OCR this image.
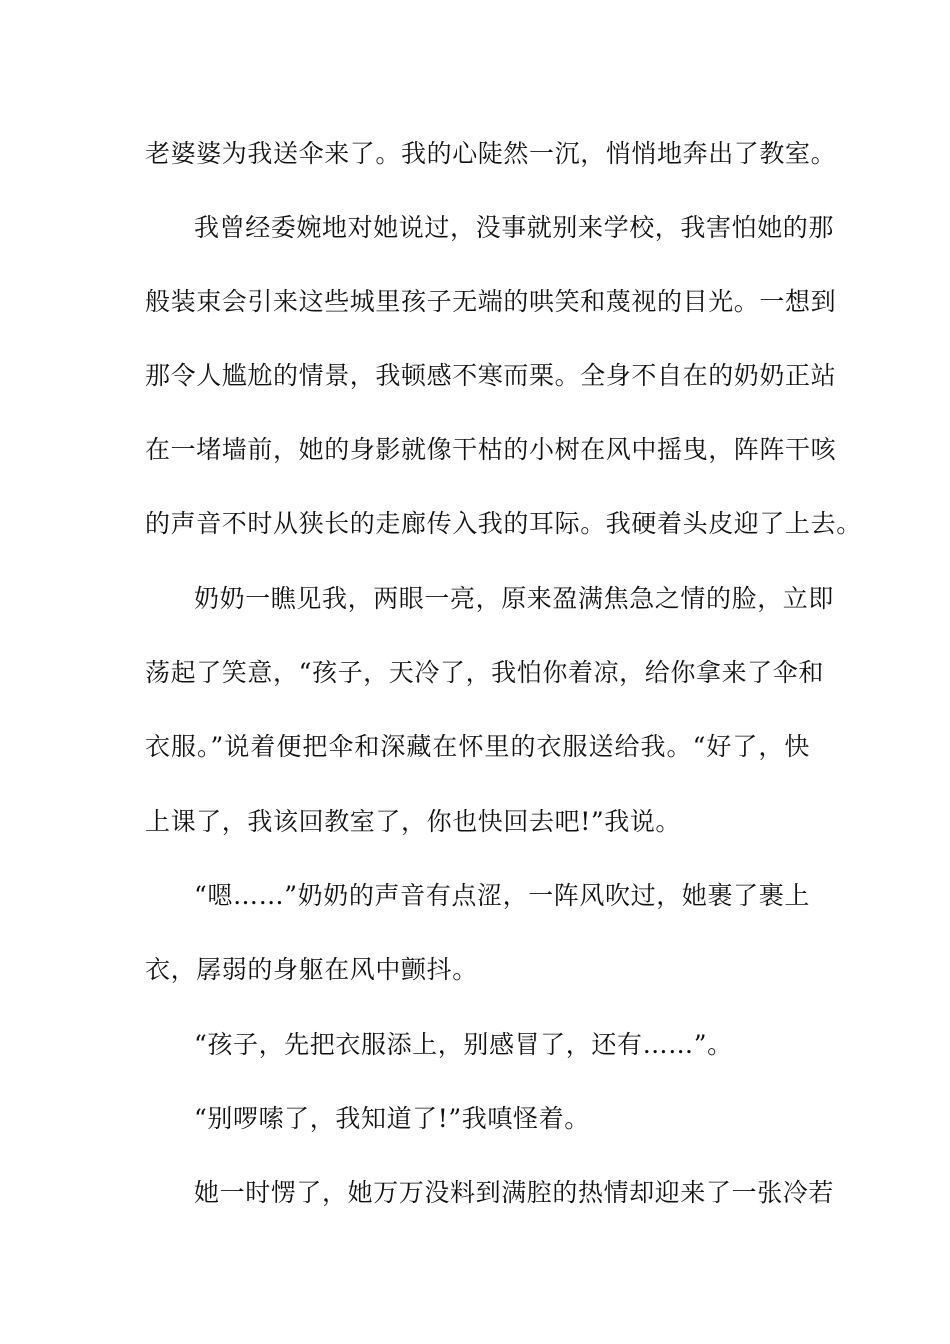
老婆婆为我送伞来了。我的心陡然一沉，悄悄地奔出了教室。
我曾经委婉地对她说过，没事就别来学校，我害怕她的那
般装束会引来这些城里孩子无端的哄笑和蔑视的目光。一想到
那令人尴尬的情景，我顿感不寒而栗。全身不自在的奶奶正站
在一堵墙前，她的身影就像干枯的小树在风中摇曳，阵阵干咳
的声音不时从狭长的走廊传入我的耳际。我硬着头皮迎了上去。
奶奶一瞧见我，两眼一亮，原来盈满焦急之情的脸，立即
荡起了笑意，“孩子，天冷了，我怕你着凉，给你拿来了伞和
衣服。”说着便把伞和深藏在怀里的衣服送给我。“好了，快
上课了，我该回教室了，你也快回去吧!”我说。
“嗯……”奶奶的声音有点涩，一阵风吹过，她裹了裹上
衣，孱弱的身躯在风中颤抖。
“孩子，先把衣服添上，别感冒了，还有……”。
“别啰嗦了，我知道了!”我嗔怪着。
她一时愣了，她万万没料到满腔的热情却迎来了一张冷若
